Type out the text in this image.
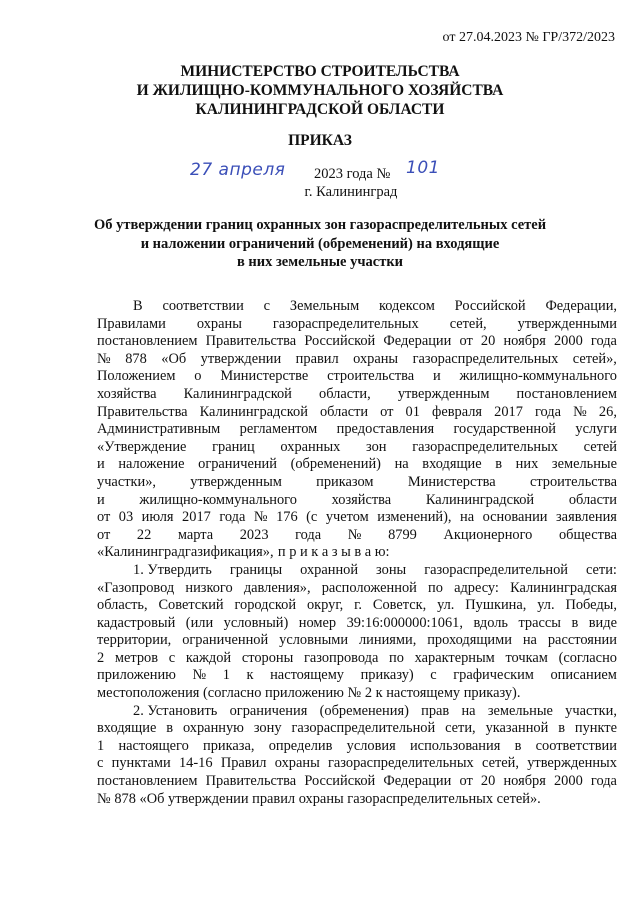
от 27.04.2023 № ГР/372/2023
МИНИСТЕРСТВО СТРОИТЕЛЬСТВА
И ЖИЛИЩНО-КОММУНАЛЬНОГО ХОЗЯЙСТВА
КАЛИНИНГРАДСКОЙ ОБЛАСТИ
ПРИКАЗ
27 апреля 2023 года № 101
г. Калининград
Об утверждении границ охранных зон газораспределительных сетей
и наложении ограничений (обременений) на входящие
в них земельные участки
В соответствии с Земельным кодексом Российской Федерации,
Правилами охраны газораспределительных сетей, утвержденными
постановлением Правительства Российской Федерации от 20 ноября 2000 года
№ 878 «Об утверждении правил охраны газораспределительных сетей»,
Положением о Министерстве строительства и жилищно-коммунального
хозяйства Калининградской области, утвержденным постановлением
Правительства Калининградской области от 01 февраля 2017 года № 26,
Административным регламентом предоставления государственной услуги
«Утверждение границ охранных зон газораспределительных сетей
и наложение ограничений (обременений) на входящие в них земельные
участки», утвержденным приказом Министерства строительства
и жилищно-коммунального хозяйства Калининградской области
от 03 июля 2017 года № 176 (с учетом изменений), на основании заявления
от 22 марта 2023 года № 8799 Акционерного общества
«Калининградгазификация», п р и к а з ы в а ю:
1. Утвердить границы охранной зоны газораспределительной сети:
«Газопровод низкого давления», расположенной по адресу: Калининградская
область, Советский городской округ, г. Советск, ул. Пушкина, ул. Победы,
кадастровый (или условный) номер 39:16:000000:1061, вдоль трассы в виде
территории, ограниченной условными линиями, проходящими на расстоянии
2 метров с каждой стороны газопровода по характерным точкам (согласно
приложению № 1 к настоящему приказу) с графическим описанием
местоположения (согласно приложению № 2 к настоящему приказу).
2. Установить ограничения (обременения) прав на земельные участки,
входящие в охранную зону газораспределительной сети, указанной в пункте
1 настоящего приказа, определив условия использования в соответствии
с пунктами 14-16 Правил охраны газораспределительных сетей, утвержденных
постановлением Правительства Российской Федерации от 20 ноября 2000 года
№ 878 «Об утверждении правил охраны газораспределительных сетей».
